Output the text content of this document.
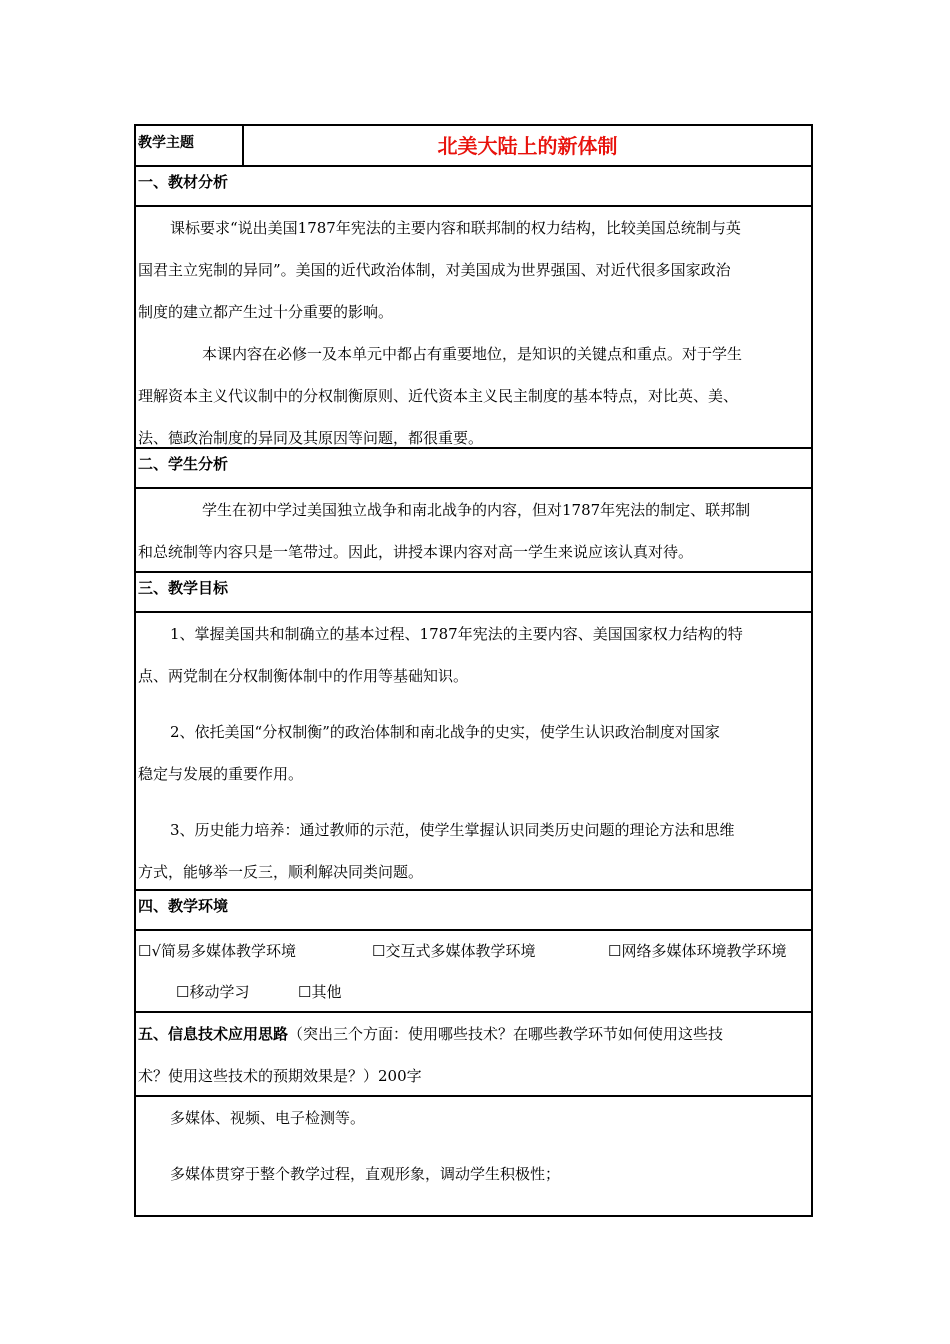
教学主题	北美大陆上的新体制
一、教材分析

课标要求“说出美国1787年宪法的主要内容和联邦制的权力结构，比较美国总统制与英

国君主立宪制的异同”。美国的近代政治体制，对美国成为世界强国、对近代很多国家政治

制度的建立都产生过十分重要的影响。

本课内容在必修一及本单元中都占有重要地位，是知识的关键点和重点。对于学生

理解资本主义代议制中的分权制衡原则、近代资本主义民主制度的基本特点，对比英、美、

法、德政治制度的异同及其原因等问题，都很重要。

二、学生分析

学生在初中学过美国独立战争和南北战争的内容，但对1787年宪法的制定、联邦制

和总统制等内容只是一笔带过。因此，讲授本课内容对高一学生来说应该认真对待。

三、教学目标

1、掌握美国共和制确立的基本过程、1787年宪法的主要内容、美国国家权力结构的特

点、两党制在分权制衡体制中的作用等基础知识。

2、依托美国“分权制衡”的政治体制和南北战争的史实，使学生认识政治制度对国家

稳定与发展的重要作用。

3、历史能力培养：通过教师的示范，使学生掌握认识同类历史问题的理论方法和思维

方式，能够举一反三，顺利解决同类问题。

四、教学环境
☐√简易多媒体教学环境	☐交互式多媒体教学环境	☐网络多媒体环境教学环境
☐移动学习	☐其他

五、信息技术应用思路（突出三个方面：使用哪些技术？在哪些教学环节如何使用这些技

术？使用这些技术的预期效果是？）200字

多媒体、视频、电子检测等。

多媒体贯穿于整个教学过程，直观形象，调动学生积极性；
